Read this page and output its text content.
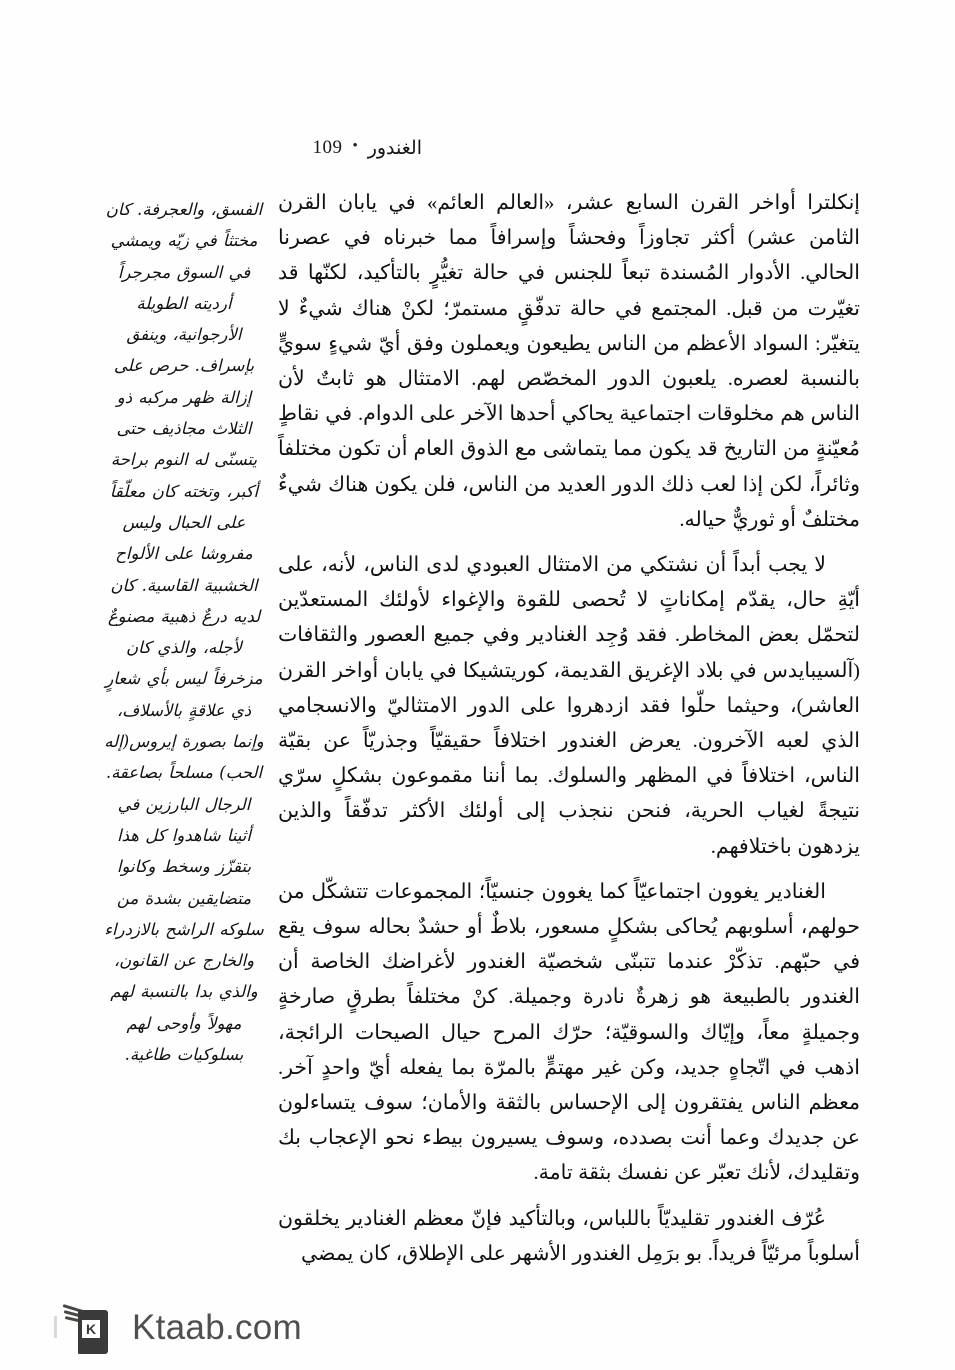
109 • الغندور

الفسق، والعجرفة. كان مختثاً في زيّه ويمشي في السوق مجرجراً أرديته الطويلة الأرجوانية، وينفق بإسراف. حرص على إزالة ظهر مركبه ذو الثلاث مجاذيف حتى يتسنّى له النوم براحة أكبر، وتخته كان معلّقاً على الحبال وليس مفروشا على الألواح الخشبية القاسية. كان لديه درعٌ ذهبية مصنوعٌ لأجله، والذي كان مزخرفاً ليس بأي شعارٍ ذي علاقةٍ بالأسلاف، وإنما بصورة إيروس(إله الحب) مسلحاً بصاعقة. الرجال البارزين في أثينا شاهدوا كل هذا بتقزّز وسخط وكانوا متضايقين بشدة من سلوكه الراشح بالازدراء والخارج عن القانون، والذي بدا بالنسبة لهم مهولاً وأوحى لهم بسلوكيات طاغية.

إنكلترا أواخر القرن السابع عشر، «العالم العائم» في يابان القرن الثامن عشر) أكثر تجاوزاً وفحشاً وإسرافاً مما خبرناه في عصرنا الحالي. الأدوار المُسندة تبعاً للجنس في حالة تغيُّرٍ بالتأكيد، لكنّها قد تغيّرت من قبل. المجتمع في حالة تدفّقٍ مستمرّ؛ لكنْ هناك شيءٌ لا يتغيّر: السواد الأعظم من الناس يطيعون ويعملون وفق أيّ شيءٍ سويٍّ بالنسبة لعصره. يلعبون الدور المخصّص لهم. الامتثال هو ثابتٌ لأن الناس هم مخلوقات اجتماعية يحاكي أحدها الآخر على الدوام. في نقاطٍ مُعيّنةٍ من التاريخ قد يكون مما يتماشى مع الذوق العام أن تكون مختلفاً وثائراً، لكن إذا لعب ذلك الدور العديد من الناس، فلن يكون هناك شيءٌ مختلفٌ أو ثوريٌّ حياله.

لا يجب أبداً أن نشتكي من الامتثال العبودي لدى الناس، لأنه، على أيّةِ حال، يقدّم إمكاناتٍ لا تُحصى للقوة والإغواء لأولئك المستعدّين لتحمّل بعض المخاطر. فقد وُجِد الغنادير وفي جميع العصور والثقافات (آلسيبايدس في بلاد الإغريق القديمة، كوريتشيكا في يابان أواخر القرن العاشر)، وحيثما حلّوا فقد ازدهروا على الدور الامتثاليّ والانسجامي الذي لعبه الآخرون. يعرض الغندور اختلافاً حقيقيّاً وجذريّاً عن بقيّة الناس، اختلافاً في المظهر والسلوك. بما أننا مقموعون بشكلٍ سرّي نتيجةً لغياب الحرية، فنحن ننجذب إلى أولئك الأكثر تدفّقاً والذين يزدهون باختلافهم.

الغنادير يغوون اجتماعيّاً كما يغوون جنسيّاً؛ المجموعات تتشكّل من حولهم، أسلوبهم يُحاكى بشكلٍ مسعور، بلاطٌ أو حشدٌ بحاله سوف يقع في حبّهم. تذكّرْ عندما تتبنّى شخصيّة الغندور لأغراضك الخاصة أن الغندور بالطبيعة هو زهرةٌ نادرة وجميلة. كنْ مختلفاً بطرقٍ صارخةٍ وجميلةٍ معاً، وإيّاك والسوقيّة؛ حرّك المرح حيال الصيحات الرائجة، اذهب في اتّجاهٍ جديد، وكن غير مهتمٍّ بالمرّة بما يفعله أيّ واحدٍ آخر. معظم الناس يفتقرون إلى الإحساس بالثقة والأمان؛ سوف يتساءلون عن جديدك وعما أنت بصدده، وسوف يسيرون بيطء نحو الإعجاب بك وتقليدك، لأنك تعبّر عن نفسك بثقة تامة.

عُرّف الغندور تقليديّاً باللباس، وبالتأكيد فإنّ معظم الغنادير يخلقون أسلوباً مرئيّاً فريداً. بو برَمِل الغندور الأشهر على الإطلاق، كان يمضي

K Ktaab.com
